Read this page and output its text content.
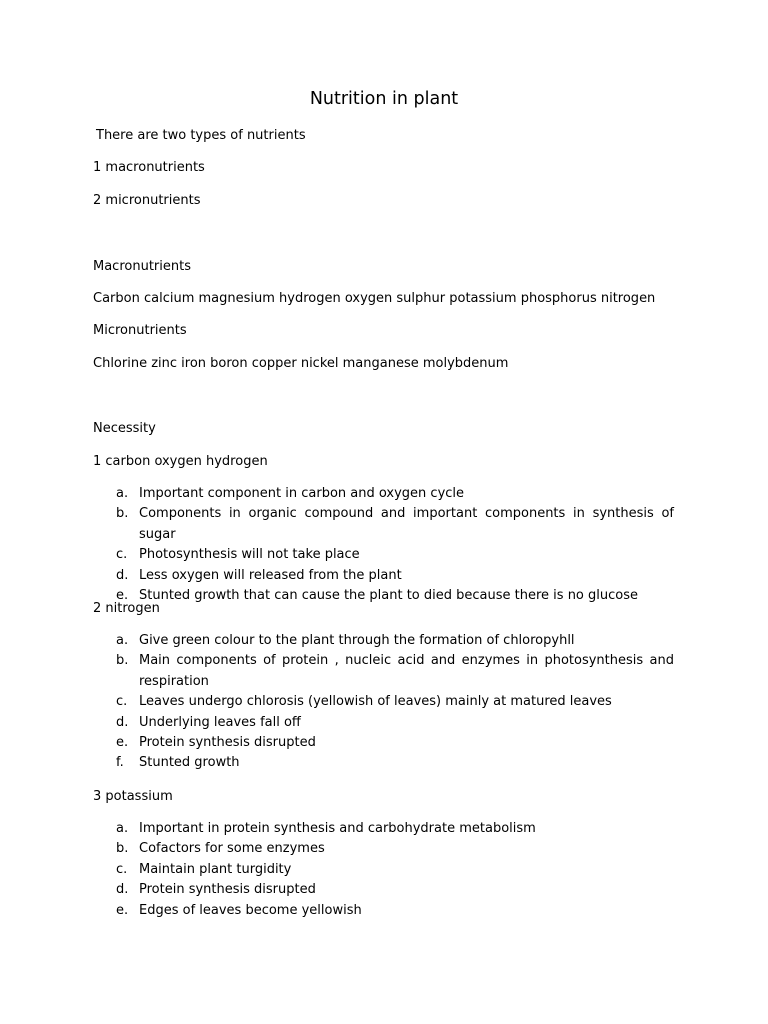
Nutrition in plant
There are two types of nutrients
1 macronutrients
2 micronutrients
Macronutrients
Carbon calcium magnesium hydrogen oxygen sulphur potassium phosphorus nitrogen
Micronutrients
Chlorine zinc iron boron copper nickel manganese molybdenum
Necessity
1 carbon oxygen hydrogen
a. Important component in carbon and oxygen cycle
b. Components in organic compound and important components in synthesis of sugar
c. Photosynthesis will not take place
d. Less oxygen will released from the plant
e. Stunted growth that can cause the plant to died because there is no glucose
2 nitrogen
a. Give green colour to the plant through the formation of chloropyhll
b. Main components of protein , nucleic acid and enzymes in photosynthesis and respiration
c. Leaves undergo chlorosis (yellowish of leaves) mainly at matured leaves
d. Underlying leaves fall off
e. Protein synthesis disrupted
f. Stunted growth
3 potassium
a. Important in protein synthesis and carbohydrate metabolism
b. Cofactors for some enzymes
c. Maintain plant turgidity
d. Protein synthesis disrupted
e. Edges of leaves become yellowish
